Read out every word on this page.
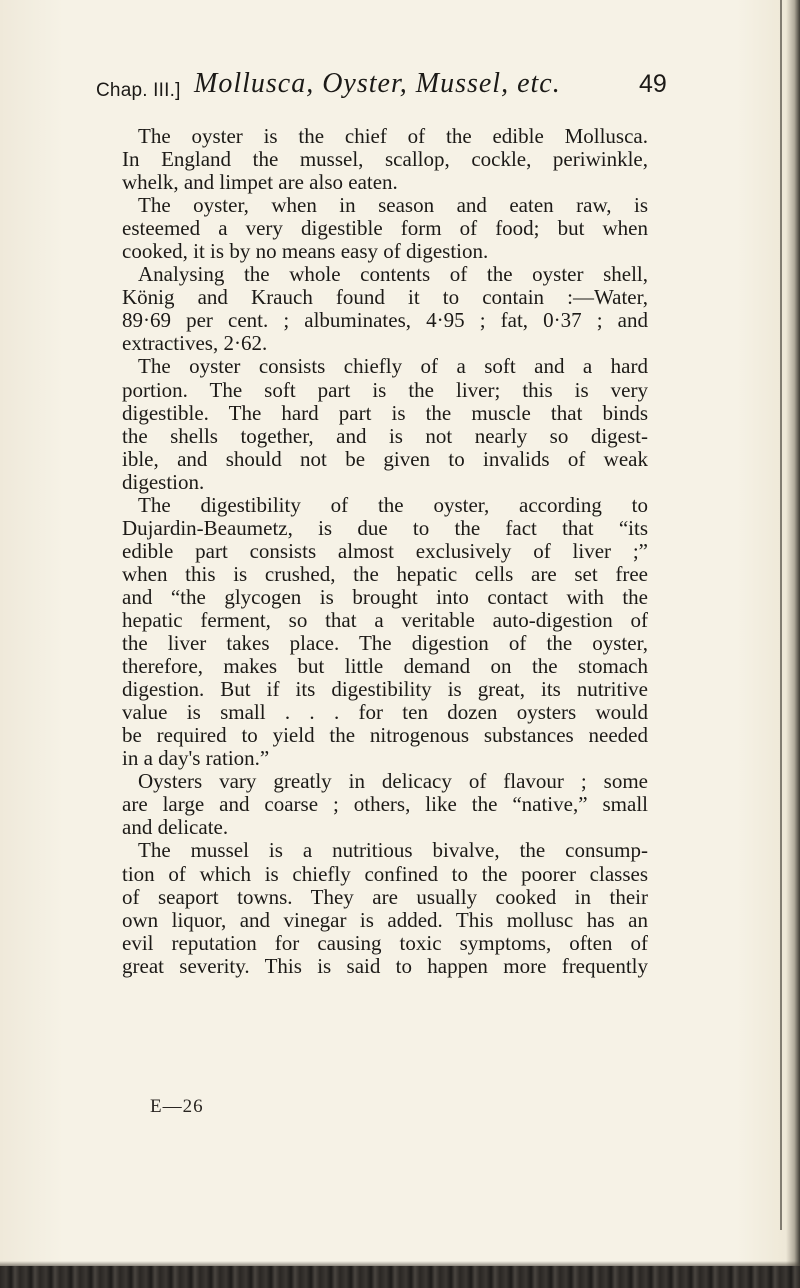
Chap. III.] Mollusca, Oyster, Mussel, etc.	49
The oyster is the chief of the edible Mollusca.
In England the mussel, scallop, cockle, periwinkle,
whelk, and limpet are also eaten.
The oyster, when in season and eaten raw, is
esteemed a very digestible form of food; but when
cooked, it is by no means easy of digestion.
Analysing the whole contents of the oyster shell,
König and Krauch found it to contain :—Water,
89·69 per cent. ; albuminates, 4·95 ; fat, 0·37 ; and
extractives, 2·62.
The oyster consists chiefly of a soft and a hard
portion. The soft part is the liver; this is very
digestible. The hard part is the muscle that binds
the shells together, and is not nearly so digest-
ible, and should not be given to invalids of weak
digestion.
The digestibility of the oyster, according to
Dujardin-Beaumetz, is due to the fact that “its
edible part consists almost exclusively of liver ;”
when this is crushed, the hepatic cells are set free
and “the glycogen is brought into contact with the
hepatic ferment, so that a veritable auto-digestion of
the liver takes place. The digestion of the oyster,
therefore, makes but little demand on the stomach
digestion. But if its digestibility is great, its nutritive
value is small . . . for ten dozen oysters would
be required to yield the nitrogenous substances needed
in a day's ration.”
Oysters vary greatly in delicacy of flavour ; some
are large and coarse ; others, like the “native,” small
and delicate.
The mussel is a nutritious bivalve, the consump-
tion of which is chiefly confined to the poorer classes
of seaport towns. They are usually cooked in their
own liquor, and vinegar is added. This mollusc has an
evil reputation for causing toxic symptoms, often of
great severity. This is said to happen more frequently
E—26
